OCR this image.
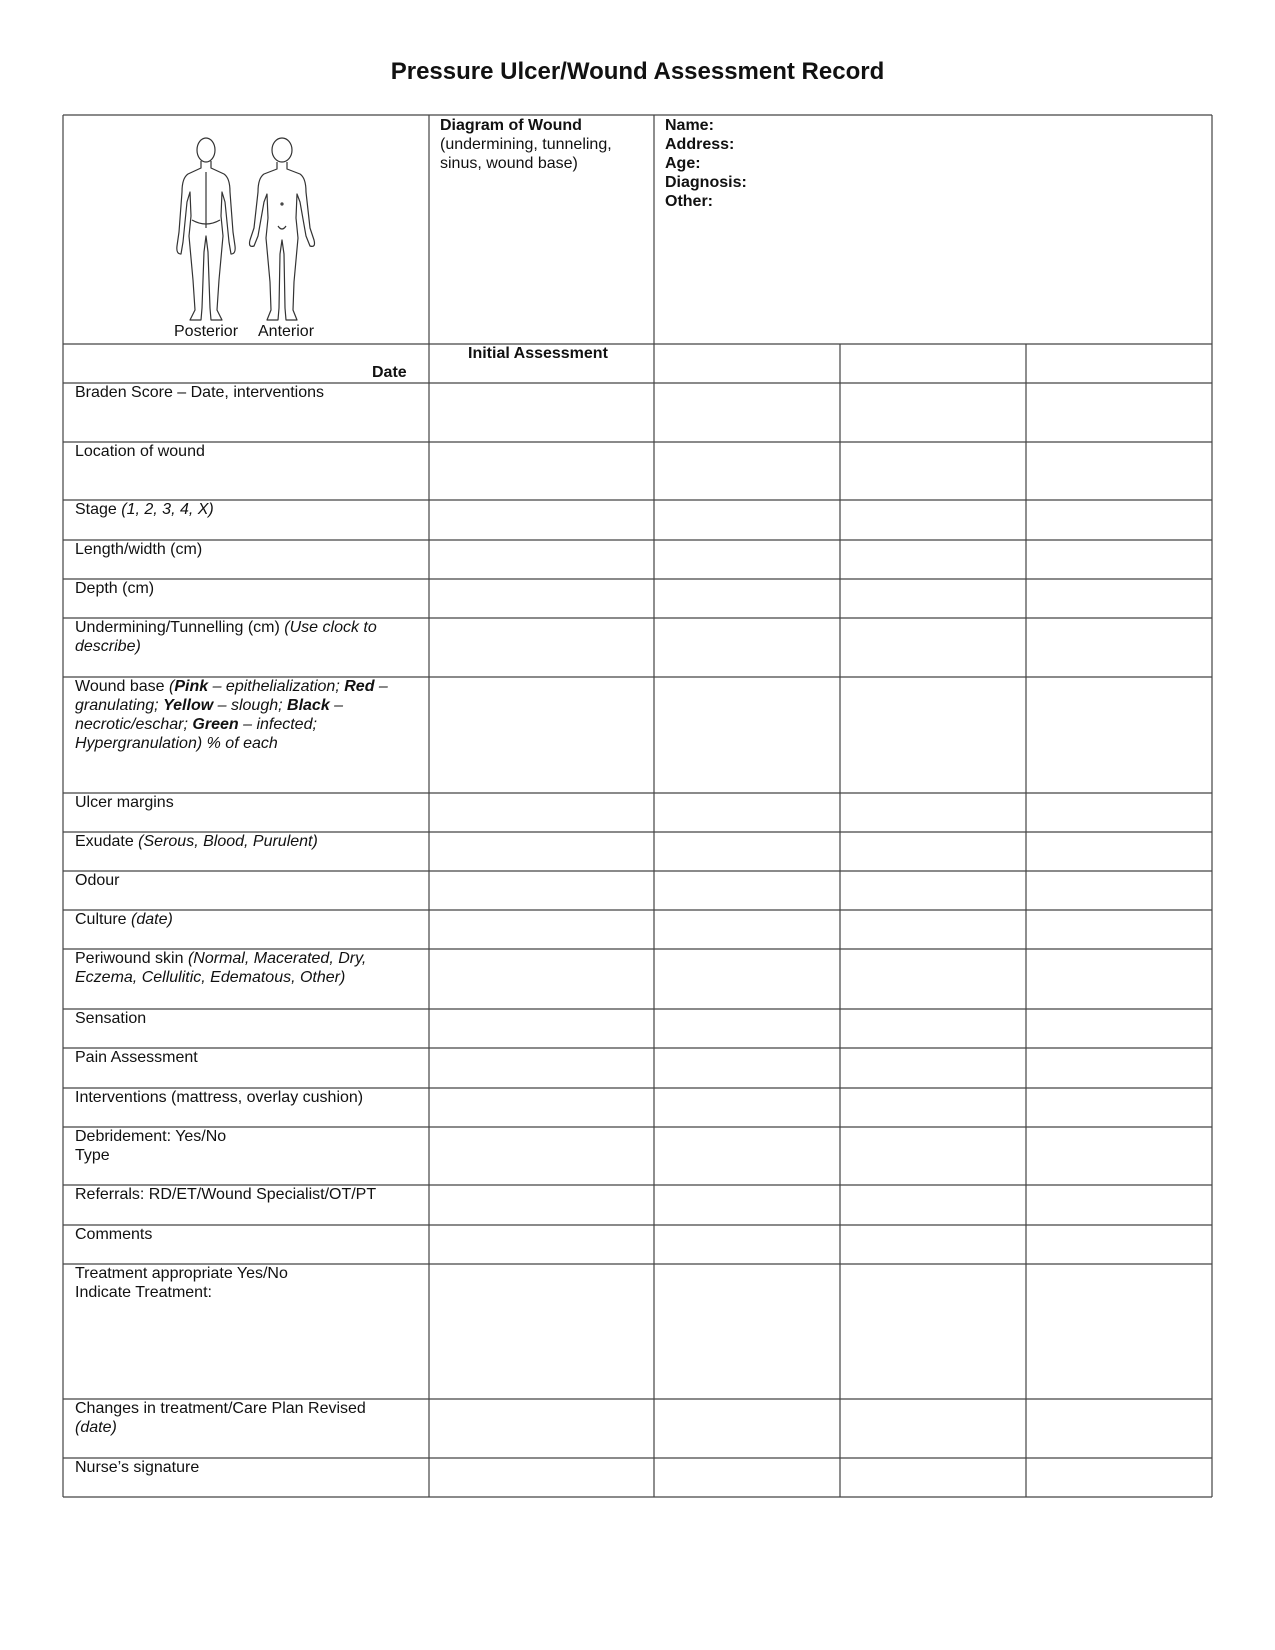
Pressure Ulcer/Wound Assessment Record
Posterior Anterior
Diagram of Wound
(undermining, tunneling,
sinus, wound base)
Name:
Address:
Age:
Diagnosis:
Other:
Initial Assessment
Date
Braden Score – Date, interventions
Location of wound
Stage (1, 2, 3, 4, X)
Length/width (cm)
Depth (cm)
Undermining/Tunnelling (cm) (Use clock to
describe)
Wound base (Pink – epithelialization; Red –
granulating; Yellow – slough; Black –
necrotic/eschar; Green – infected;
Hypergranulation) % of each
Ulcer margins
Exudate (Serous, Blood, Purulent)
Odour
Culture (date)
Periwound skin (Normal, Macerated, Dry,
Eczema, Cellulitic, Edematous, Other)
Sensation
Pain Assessment
Interventions (mattress, overlay cushion)
Debridement: Yes/No
Type
Referrals: RD/ET/Wound Specialist/OT/PT
Comments
Treatment appropriate Yes/No
Indicate Treatment:
Changes in treatment/Care Plan Revised
(date)
Nurse’s signature
